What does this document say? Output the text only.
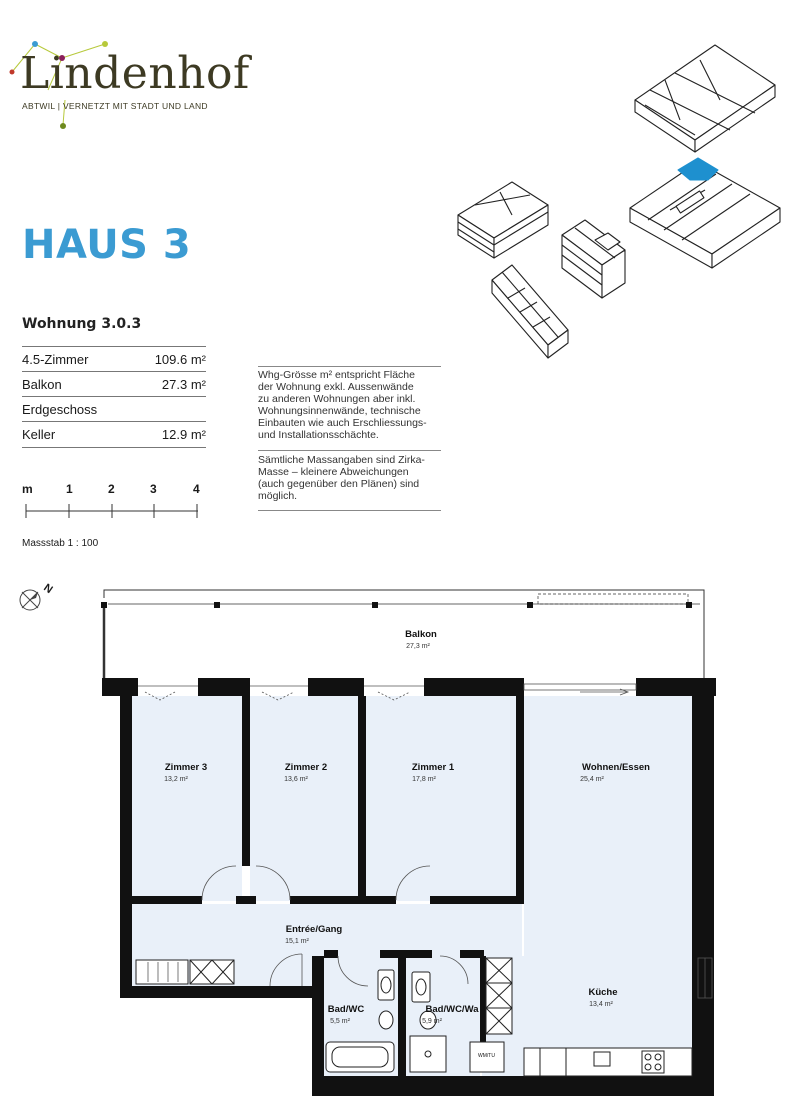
Lindenhof
ABTWIL | VERNETZT MIT STADT UND LAND
HAUS 3
Wohnung 3.0.3
4.5-Zimmer	109.6 m²
Balkon	27.3 m²
Erdgeschoss
Keller	12.9 m²
m	1	2	3	4
Massstab 1 : 100
Whg-Grösse m² entspricht Fläche
der Wohnung exkl. Aussenwände
zu anderen Wohnungen aber inkl.
Wohnungsinnenwände, technische
Einbauten wie auch Erschliessungs-
und Installationsschächte.
Sämtliche Massangaben sind Zirka-
Masse – kleinere Abweichungen
(auch gegenüber den Plänen) sind
möglich.
N
Balkon
27,3 m²
Zimmer 3
13,2 m²
Zimmer 2
13,6 m²
Zimmer 1
17,8 m²
Wohnen/Essen
25,4 m²
Entrée/Gang
15,1 m²
Bad/WC
5,5 m²
Bad/WC/Wa
5,9 m²
Küche
13,4 m²
WM/TU
